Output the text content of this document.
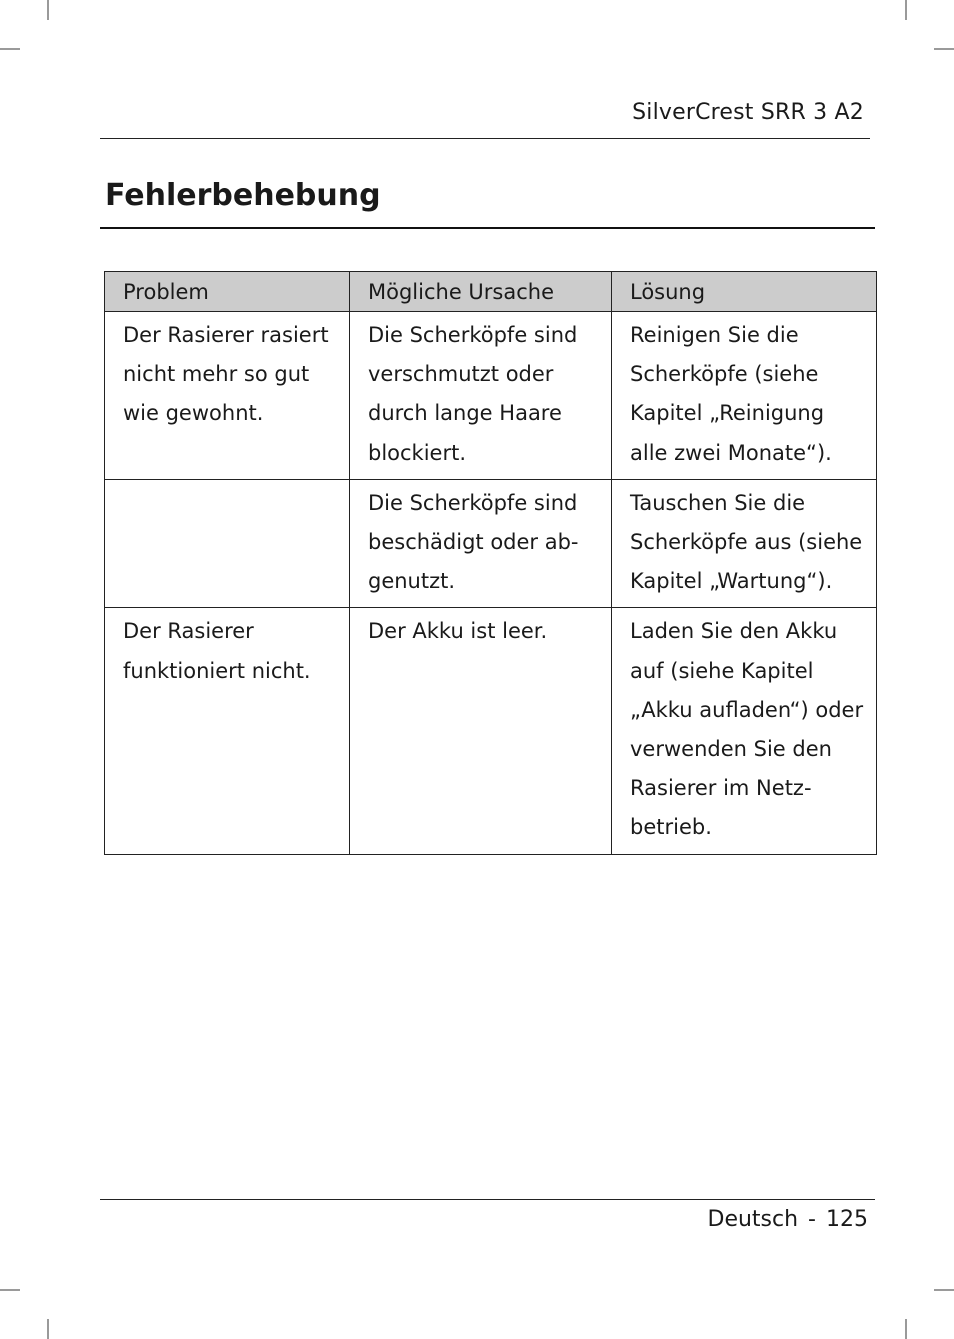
SilverCrest SRR 3 A2
Fehlerbehebung
Problem	Mögliche Ursache	Lösung
Der Rasierer rasiert nicht mehr so gut wie gewohnt.	Die Scherköpfe sind verschmutzt oder durch lange Haare blockiert.	Reinigen Sie die Scherköpfe (siehe Kapitel „Reinigung alle zwei Monate“).
	Die Scherköpfe sind beschädigt oder ab-genutzt.	Tauschen Sie die Scherköpfe aus (siehe Kapitel „Wartung“).
Der Rasierer funktioniert nicht.	Der Akku ist leer.	Laden Sie den Akku auf (siehe Kapitel „Akku aufladen“) oder verwenden Sie den Rasierer im Netz-betrieb.
Deutsch - 125
